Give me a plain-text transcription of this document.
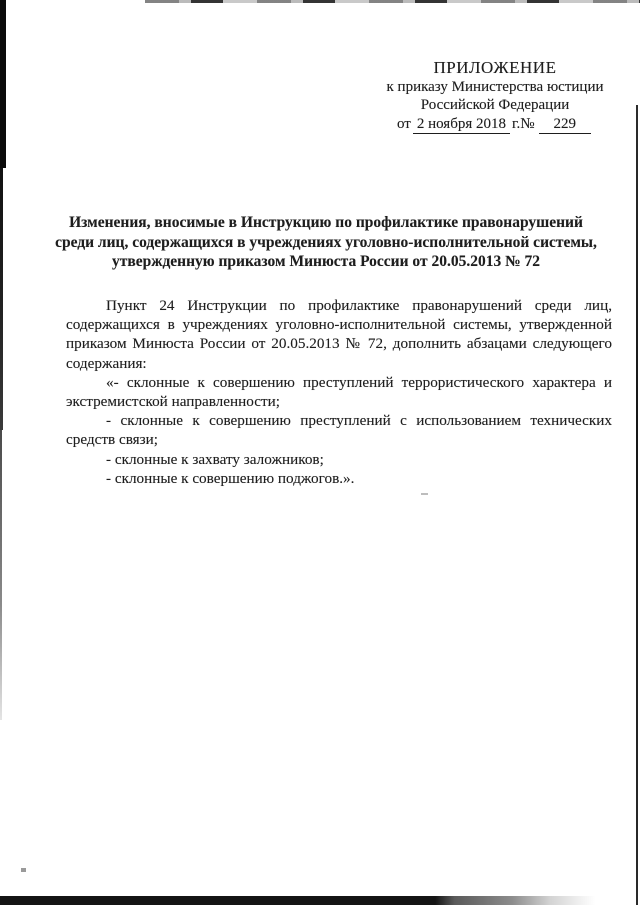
ПРИЛОЖЕНИЕ
к приказу Министерства юстиции
Российской Федерации
от 2 ноября 2018 г.№ 229
Изменения, вносимые в Инструкцию по профилактике правонарушений
среди лиц, содержащихся в учреждениях уголовно-исполнительной системы,
утвержденную приказом Минюста России от 20.05.2013 № 72

Пункт 24 Инструкции по профилактике правонарушений среди лиц, содержащихся в учреждениях уголовно-исполнительной системы, утвержденной приказом Минюста России от 20.05.2013 № 72, дополнить абзацами следующего содержания:

«- склонные к совершению преступлений террористического характера и экстремистской направленности;

- склонные к совершению преступлений с использованием технических средств связи;

- склонные к захвату заложников;

- склонные к совершению поджогов.».
